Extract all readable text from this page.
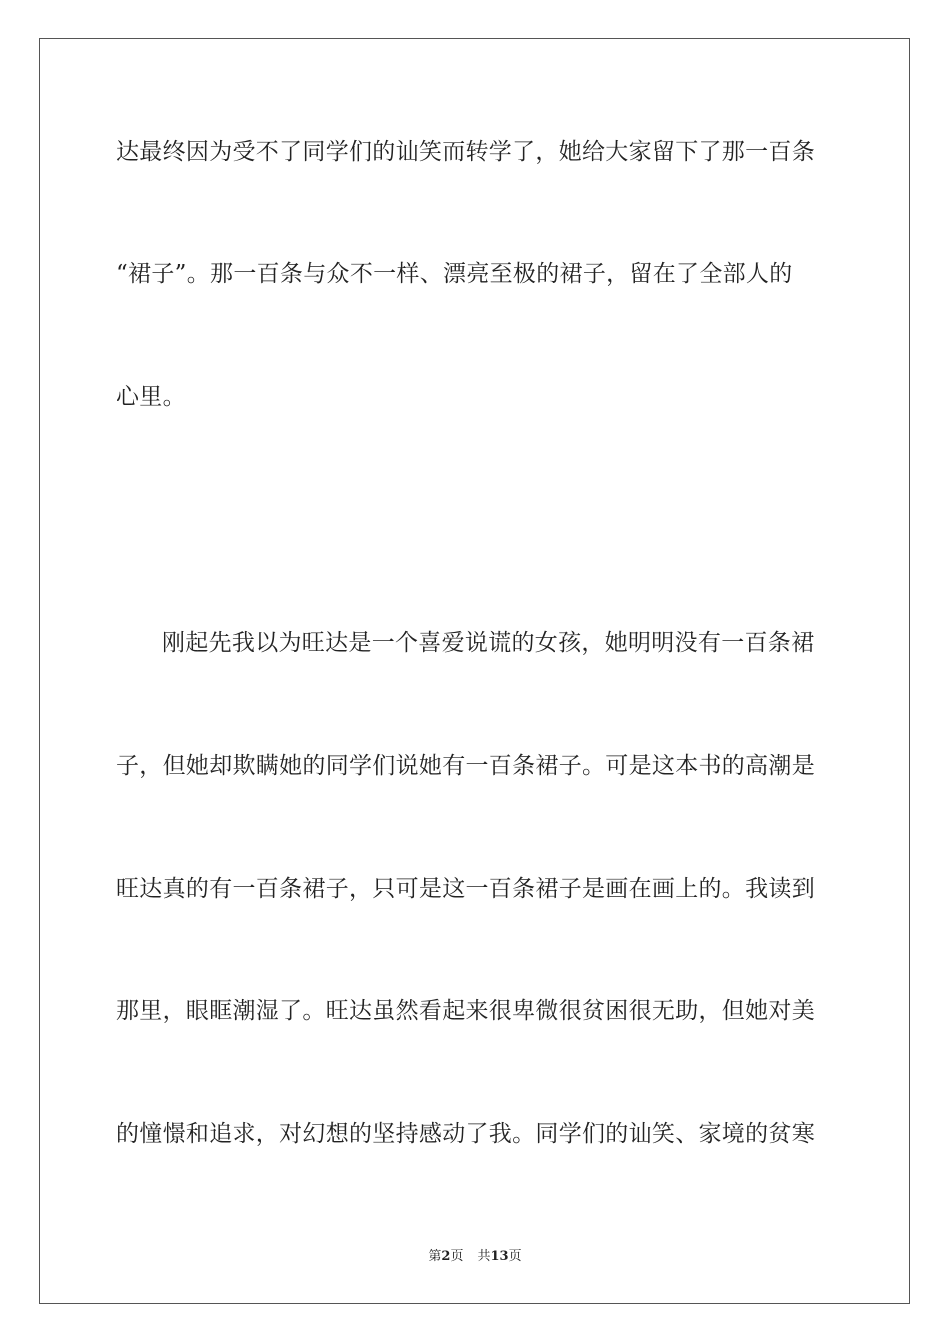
达最终因为受不了同学们的讪笑而转学了，她给大家留下了那一百条
“裙子”。那一百条与众不一样、漂亮至极的裙子，留在了全部人的
心里。
刚起先我以为旺达是一个喜爱说谎的女孩，她明明没有一百条裙
子，但她却欺瞒她的同学们说她有一百条裙子。可是这本书的高潮是
旺达真的有一百条裙子，只可是这一百条裙子是画在画上的。我读到
那里，眼眶潮湿了。旺达虽然看起来很卑微很贫困很无助，但她对美
的憧憬和追求，对幻想的坚持感动了我。同学们的讪笑、家境的贫寒
第2页 共13页
